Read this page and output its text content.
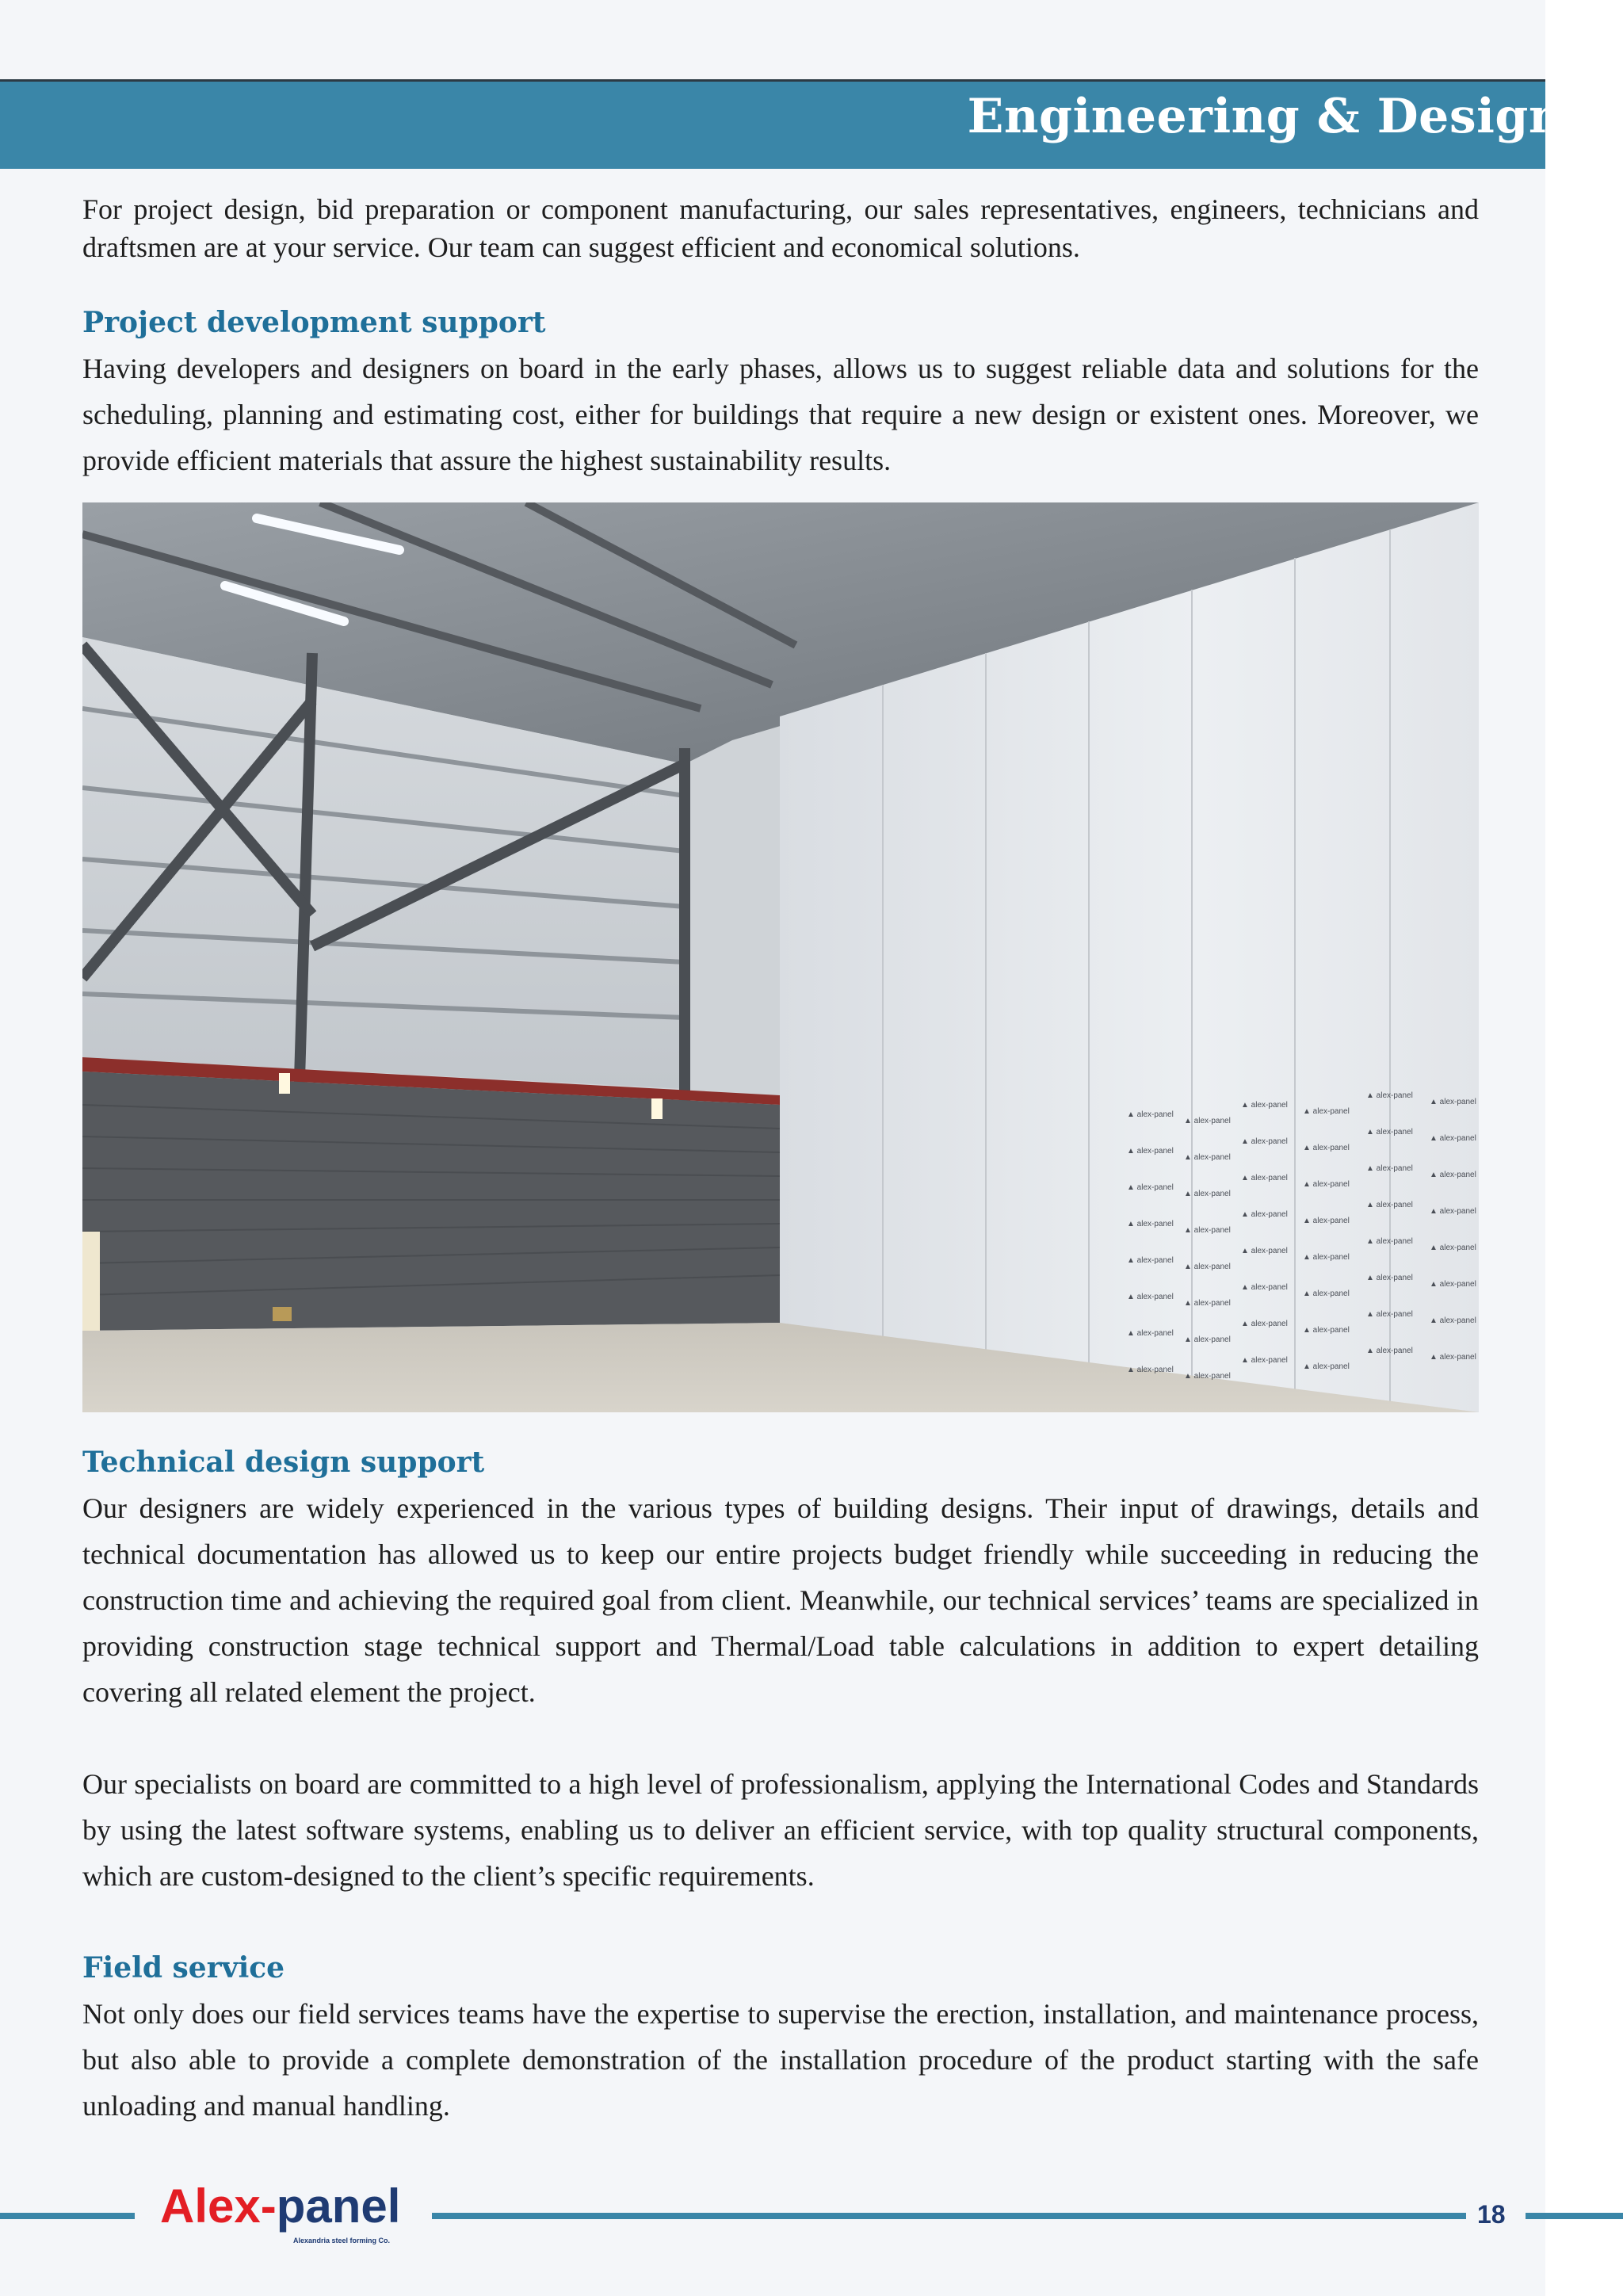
Engineering & Design

For project design, bid preparation or component manufacturing, our sales representatives, engineers, technicians and draftsmen are at your service. Our team can suggest efficient and economical solutions.

Project development support

Having developers and designers on board in the early phases, allows us to suggest reliable data and solutions for the scheduling, planning and estimating cost, either for buildings that require a new design or existent ones. Moreover, we provide efficient materials that assure the highest sustainability results.

▲ alex-panel
▲ alex-panel
▲ alex-panel
▲ alex-panel
▲ alex-panel
▲ alex-panel
▲ alex-panel
▲ alex-panel
▲ alex-panel
▲ alex-panel
▲ alex-panel
▲ alex-panel
▲ alex-panel
▲ alex-panel
▲ alex-panel
▲ alex-panel
▲ alex-panel
▲ alex-panel
▲ alex-panel
▲ alex-panel
▲ alex-panel
▲ alex-panel
▲ alex-panel
▲ alex-panel
▲ alex-panel
▲ alex-panel
▲ alex-panel
▲ alex-panel
▲ alex-panel
▲ alex-panel
▲ alex-panel
▲ alex-panel
▲ alex-panel
▲ alex-panel
▲ alex-panel
▲ alex-panel
▲ alex-panel
▲ alex-panel
▲ alex-panel
▲ alex-panel
▲ alex-panel
▲ alex-panel
▲ alex-panel
▲ alex-panel
▲ alex-panel
▲ alex-panel
▲ alex-panel
▲ alex-panel
Technical design support

Our designers are widely experienced in the various types of building designs. Their input of drawings, details and technical documentation has allowed us to keep our entire projects budget friendly while succeeding in reducing the construction time and achieving the required goal from client. Meanwhile, our technical services’ teams are specialized in providing construction stage technical support and Thermal/Load table calculations in addition to expert detailing covering all related element the project.

Our specialists on board are committed to a high level of professionalism, applying the International Codes and Standards by using the latest software systems, enabling us to deliver an efficient service, with top quality structural components, which are custom-designed to the client’s specific requirements.

Field service

Not only does our field services teams have the expertise to supervise the erection, installation, and maintenance process, but also able to provide a complete demonstration of the installation procedure of the product starting with the safe unloading and manual handling.

Alex-panel
Alexandria steel forming Co.
18
